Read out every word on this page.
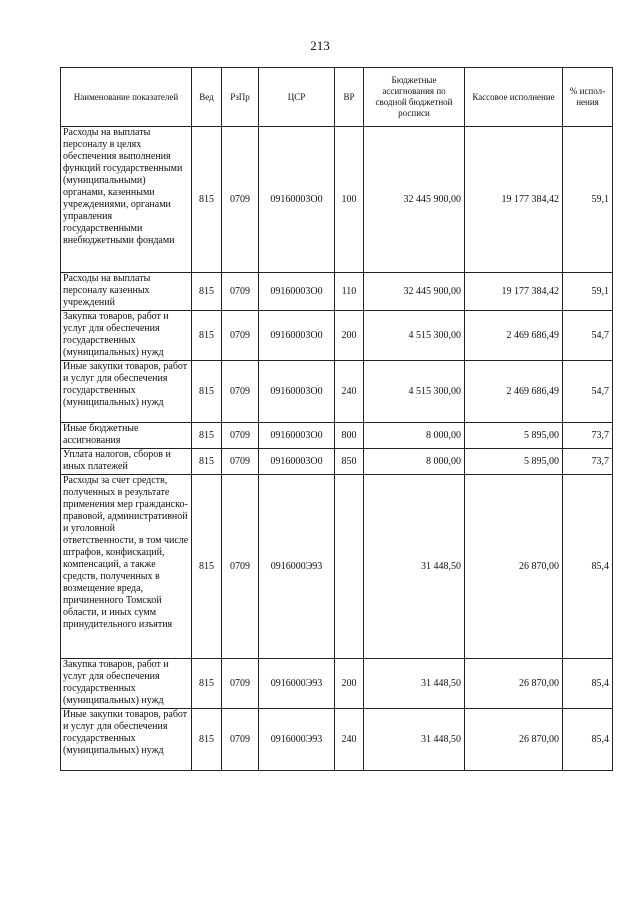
213
Наименование показателей	Вед	РзПр	ЦСР	ВР	Бюджетные ассигнования по сводной бюджетной росписи	Кассовое исполнение	% испол-нения
Расходы на выплаты персоналу в целях обеспечения выполнения функций государственными (муниципальными) органами, казенными учреждениями, органами управления государственными внебюджетными фондами	815	0709	09160003О0	100	32 445 900,00	19 177 384,42	59,1
Расходы на выплаты персоналу казенных учреждений	815	0709	09160003О0	110	32 445 900,00	19 177 384,42	59,1
Закупка товаров, работ и услуг для обеспечения государственных (муниципальных) нужд	815	0709	09160003О0	200	4 515 300,00	2 469 686,49	54,7
Иные закупки товаров, работ и услуг для обеспечения государственных (муниципальных) нужд	815	0709	09160003О0	240	4 515 300,00	2 469 686,49	54,7
Иные бюджетные ассигнования	815	0709	09160003О0	800	8 000,00	5 895,00	73,7
Уплата налогов, сборов и иных платежей	815	0709	09160003О0	850	8 000,00	5 895,00	73,7
Расходы за счет средств, полученных в результате применения мер гражданско-правовой, административной и уголовной ответственности, в том числе штрафов, конфискаций, компенсаций, а также средств, полученных в возмещение вреда, причиненного Томской области, и иных сумм принудительного изъятия	815	0709	0916000Э93		31 448,50	26 870,00	85,4
Закупка товаров, работ и услуг для обеспечения государственных (муниципальных) нужд	815	0709	0916000Э93	200	31 448,50	26 870,00	85,4
Иные закупки товаров, работ и услуг для обеспечения государственных (муниципальных) нужд	815	0709	0916000Э93	240	31 448,50	26 870,00	85,4
